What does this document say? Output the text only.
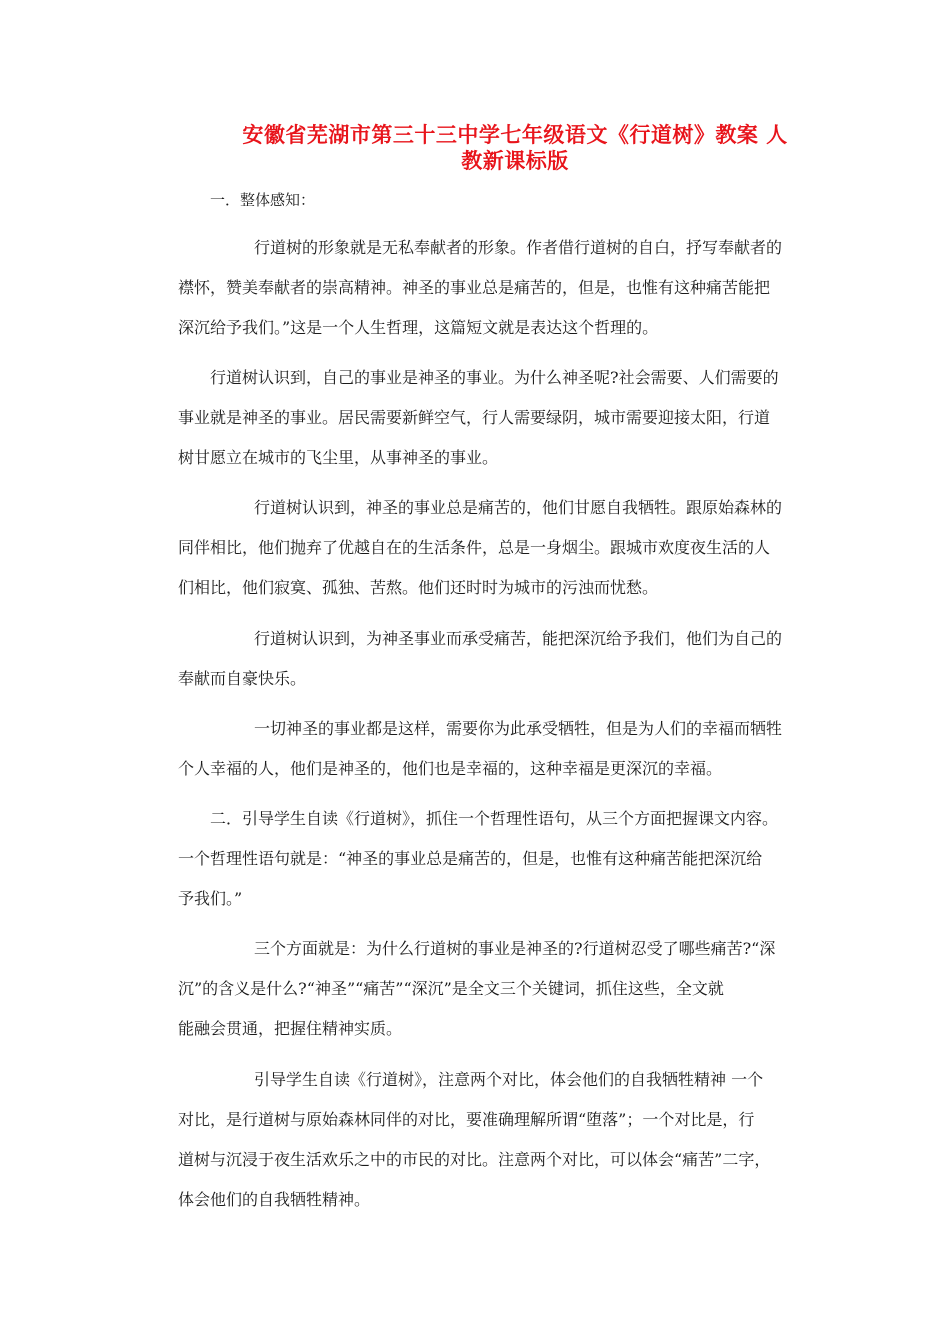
安徽省芜湖市第三十三中学七年级语文《行道树》教案 人
教新课标版
一．整体感知：
行道树的形象就是无私奉献者的形象。作者借行道树的自白，抒写奉献者的
襟怀，赞美奉献者的崇高精神。神圣的事业总是痛苦的，但是，也惟有这种痛苦能把
深沉给予我们。”这是一个人生哲理，这篇短文就是表达这个哲理的。
行道树认识到，自己的事业是神圣的事业。为什么神圣呢?社会需要、人们需要的
事业就是神圣的事业。居民需要新鲜空气，行人需要绿阴，城市需要迎接太阳，行道
树甘愿立在城市的飞尘里，从事神圣的事业。
行道树认识到，神圣的事业总是痛苦的，他们甘愿自我牺牲。跟原始森林的
同伴相比，他们抛弃了优越自在的生活条件，总是一身烟尘。跟城市欢度夜生活的人
们相比，他们寂寞、孤独、苦熬。他们还时时为城市的污浊而忧愁。
行道树认识到，为神圣事业而承受痛苦，能把深沉给予我们，他们为自己的
奉献而自豪快乐。
一切神圣的事业都是这样，需要你为此承受牺牲，但是为人们的幸福而牺牲
个人幸福的人，他们是神圣的，他们也是幸福的，这种幸福是更深沉的幸福。
二．引导学生自读《行道树》，抓住一个哲理性语句，从三个方面把握课文内容。
一个哲理性语句就是：“神圣的事业总是痛苦的，但是，也惟有这种痛苦能把深沉给
予我们。”
三个方面就是：为什么行道树的事业是神圣的?行道树忍受了哪些痛苦?“深
沉”的含义是什么?“神圣”“痛苦”“深沉”是全文三个关键词，抓住这些，全文就
能融会贯通，把握住精神实质。
引导学生自读《行道树》，注意两个对比，体会他们的自我牺牲精神 一个
对比，是行道树与原始森林同伴的对比，要准确理解所谓“堕落”；一个对比是，行
道树与沉浸于夜生活欢乐之中的市民的对比。注意两个对比，可以体会“痛苦”二字，
体会他们的自我牺牲精神。
